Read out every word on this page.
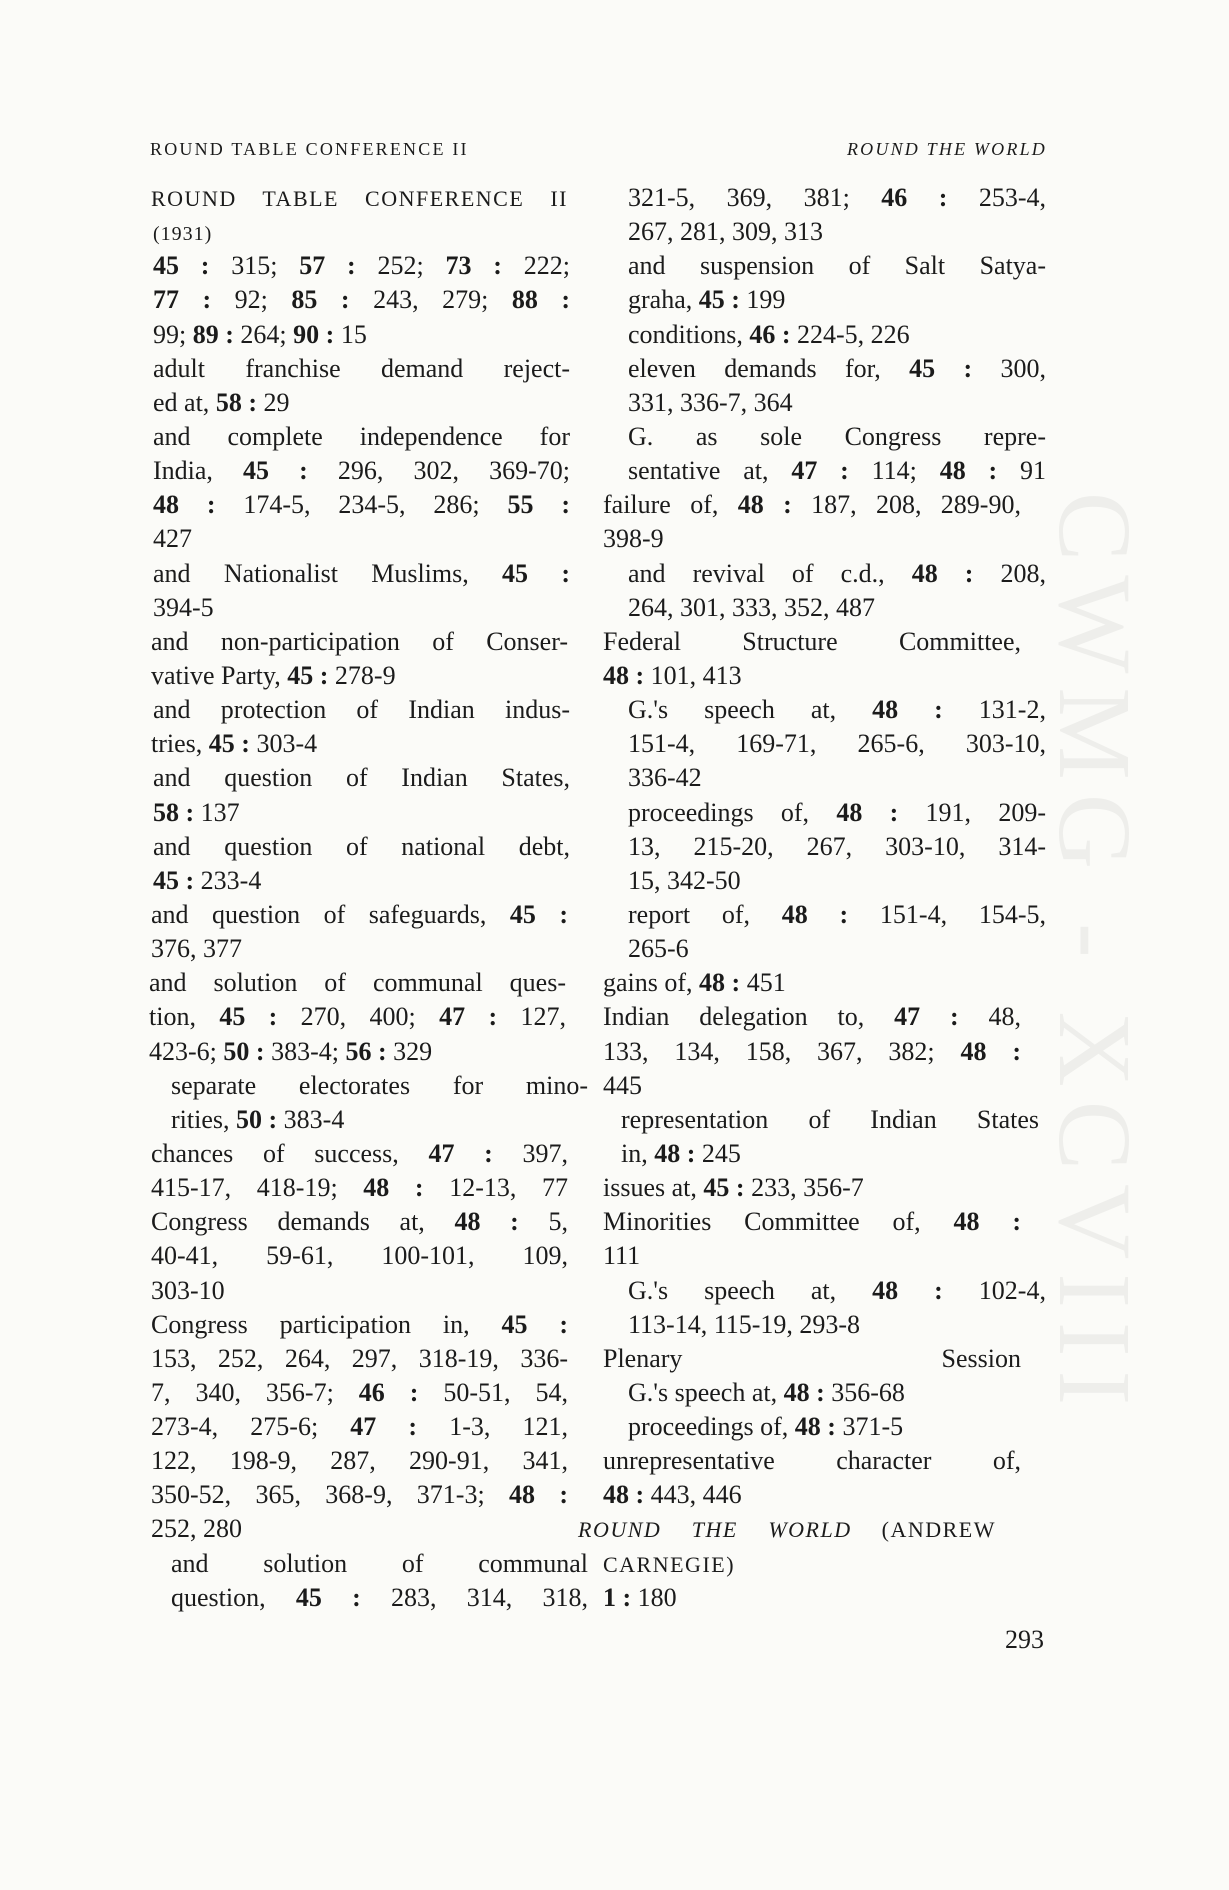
ROUND TABLE CONFERENCE II	ROUND THE WORLD
CWMG - XCVIII
ROUND TABLE CONFERENCE II
(1931)
45 : 315; 57 : 252; 73 : 222;
77 : 92; 85 : 243, 279; 88 :
99; 89 : 264; 90 : 15
adult franchise demand reject-
ed at, 58 : 29
and complete independence for
India, 45 : 296, 302, 369-70;
48 : 174-5, 234-5, 286; 55 :
427
and Nationalist Muslims, 45 :
394-5
and non-participation of Conser-
vative Party, 45 : 278-9
and protection of Indian indus-
tries, 45 : 303-4
and question of Indian States,
58 : 137
and question of national debt,
45 : 233-4
and question of safeguards, 45 :
376, 377
and solution of communal ques-
tion, 45 : 270, 400; 47 : 127,
423-6; 50 : 383-4; 56 : 329
separate electorates for mino-
rities, 50 : 383-4
chances of success, 47 : 397,
415-17, 418-19; 48 : 12-13, 77
Congress demands at, 48 : 5,
40-41, 59-61, 100-101, 109,
303-10
Congress participation in, 45 :
153, 252, 264, 297, 318-19, 336-
7, 340, 356-7; 46 : 50-51, 54,
273-4, 275-6; 47 : 1-3, 121,
122, 198-9, 287, 290-91, 341,
350-52, 365, 368-9, 371-3; 48 :
252, 280
and solution of communal
question, 45 : 283, 314, 318,
321-5, 369, 381; 46 : 253-4,
267, 281, 309, 313
and suspension of Salt Satya-
graha, 45 : 199
conditions, 46 : 224-5, 226
eleven demands for, 45 : 300,
331, 336-7, 364
G. as sole Congress repre-
sentative at, 47 : 114; 48 : 91
failure of, 48 : 187, 208, 289-90,
398-9
and revival of c.d., 48 : 208,
264, 301, 333, 352, 487
Federal Structure Committee,
48 : 101, 413
G.'s speech at, 48 : 131-2,
151-4, 169-71, 265-6, 303-10,
336-42
proceedings of, 48 : 191, 209-
13, 215-20, 267, 303-10, 314-
15, 342-50
report of, 48 : 151-4, 154-5,
265-6
gains of, 48 : 451
Indian delegation to, 47 : 48,
133, 134, 158, 367, 382; 48 :
445
representation of Indian States
in, 48 : 245
issues at, 45 : 233, 356-7
Minorities Committee of, 48 :
111
G.'s speech at, 48 : 102-4,
113-14, 115-19, 293-8
Plenary Session
G.'s speech at, 48 : 356-68
proceedings of, 48 : 371-5
unrepresentative character of,
48 : 443, 446
ROUND THE WORLD (ANDREW
CARNEGIE)
1 : 180
293
